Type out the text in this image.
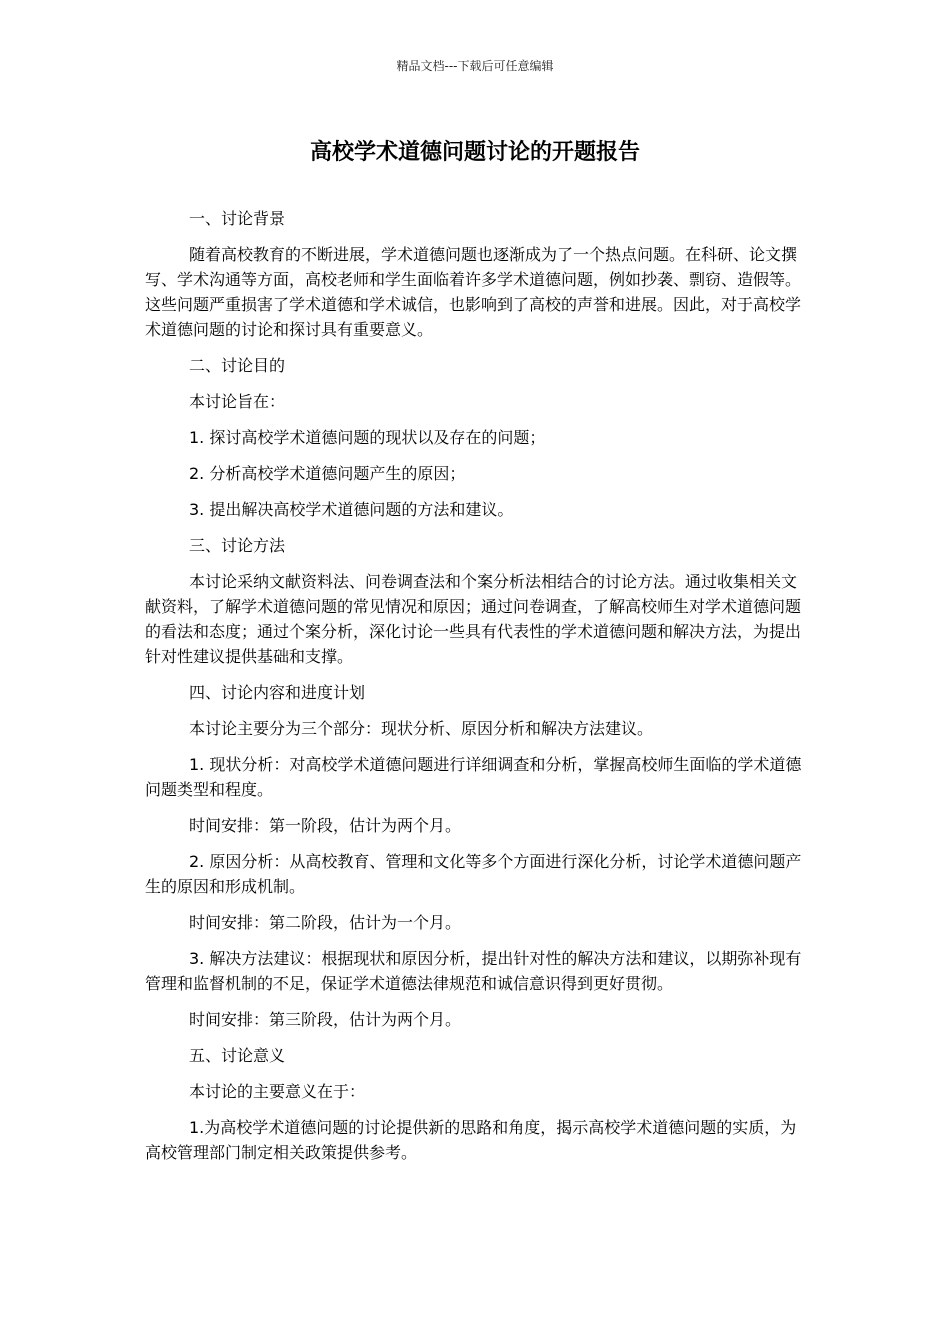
精品文档---下载后可任意编辑
高校学术道德问题讨论的开题报告

一、讨论背景

随着高校教育的不断进展，学术道德问题也逐渐成为了一个热点问题。在科研、论文撰写、学术沟通等方面，高校老师和学生面临着许多学术道德问题，例如抄袭、剽窃、造假等。这些问题严重损害了学术道德和学术诚信，也影响到了高校的声誉和进展。因此，对于高校学术道德问题的讨论和探讨具有重要意义。

二、讨论目的

本讨论旨在：

1. 探讨高校学术道德问题的现状以及存在的问题；

2. 分析高校学术道德问题产生的原因；

3. 提出解决高校学术道德问题的方法和建议。

三、讨论方法

本讨论采纳文献资料法、问卷调查法和个案分析法相结合的讨论方法。通过收集相关文献资料，了解学术道德问题的常见情况和原因；通过问卷调查，了解高校师生对学术道德问题的看法和态度；通过个案分析，深化讨论一些具有代表性的学术道德问题和解决方法，为提出针对性建议提供基础和支撑。

四、讨论内容和进度计划

本讨论主要分为三个部分：现状分析、原因分析和解决方法建议。

1. 现状分析：对高校学术道德问题进行详细调查和分析，掌握高校师生面临的学术道德问题类型和程度。

时间安排：第一阶段，估计为两个月。

2. 原因分析：从高校教育、管理和文化等多个方面进行深化分析，讨论学术道德问题产生的原因和形成机制。

时间安排：第二阶段，估计为一个月。

3. 解决方法建议：根据现状和原因分析，提出针对性的解决方法和建议，以期弥补现有管理和监督机制的不足，保证学术道德法律规范和诚信意识得到更好贯彻。

时间安排：第三阶段，估计为两个月。

五、讨论意义

本讨论的主要意义在于：

1.为高校学术道德问题的讨论提供新的思路和角度，揭示高校学术道德问题的实质，为高校管理部门制定相关政策提供参考。
